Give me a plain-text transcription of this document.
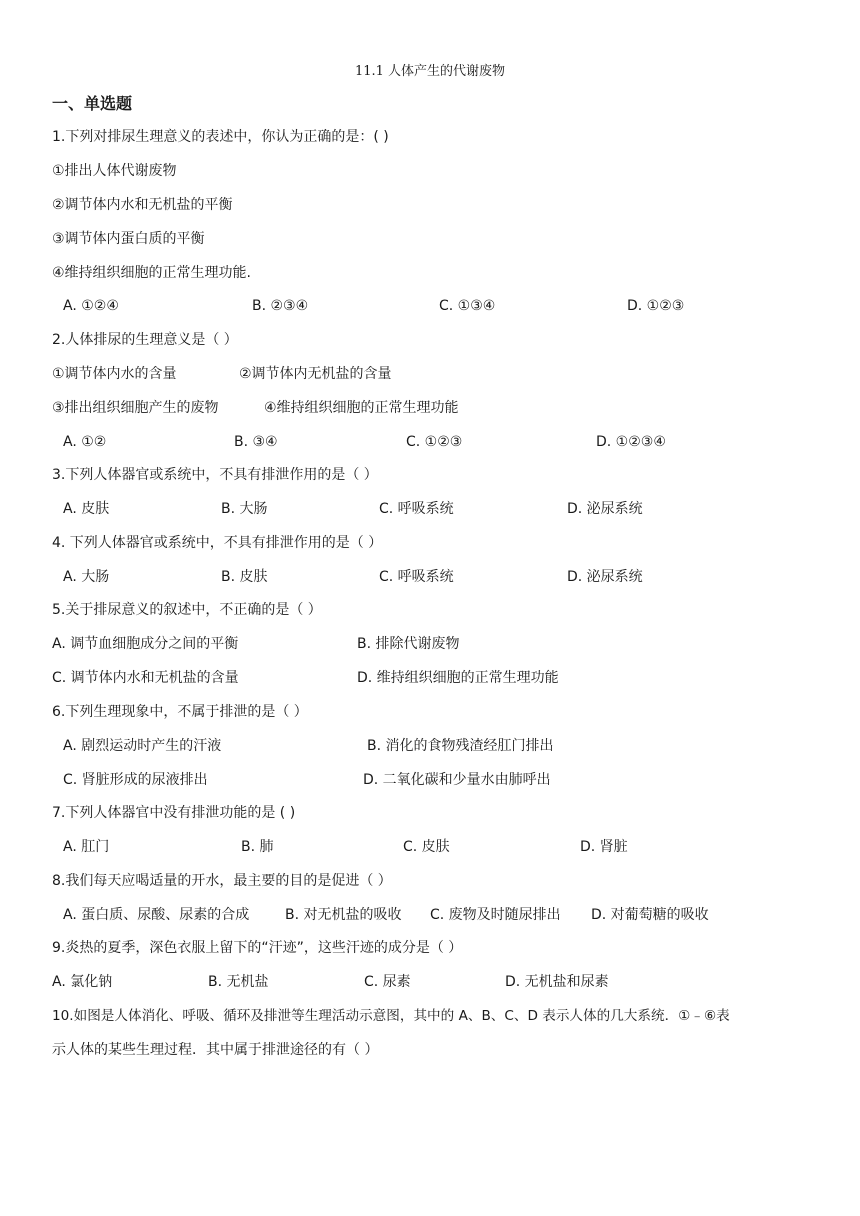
11.1 人体产生的代谢废物
一、单选题
1.下列对排尿生理意义的表述中，你认为正确的是：( )
①排出人体代谢废物
②调节体内水和无机盐的平衡
③调节体内蛋白质的平衡
④维持组织细胞的正常生理功能.
A. ①②④	B. ②③④	C. ①③④	D. ①②③
2.人体排尿的生理意义是（ ）
①调节体内水的含量	②调节体内无机盐的含量
③排出组织细胞产生的废物	④维持组织细胞的正常生理功能
A. ①②	B. ③④	C. ①②③	D. ①②③④
3.下列人体器官或系统中，不具有排泄作用的是（ ）
A. 皮肤	B. 大肠	C. 呼吸系统	D. 泌尿系统
4. 下列人体器官或系统中，不具有排泄作用的是（ ）
A. 大肠	B. 皮肤	C. 呼吸系统	D. 泌尿系统
5.关于排尿意义的叙述中，不正确的是（ ）
A. 调节血细胞成分之间的平衡	B. 排除代谢废物
C. 调节体内水和无机盐的含量	D. 维持组织细胞的正常生理功能
6.下列生理现象中，不属于排泄的是（ ）
A. 剧烈运动时产生的汗液	B. 消化的食物残渣经肛门排出
C. 肾脏形成的尿液排出	D. 二氧化碳和少量水由肺呼出
7.下列人体器官中没有排泄功能的是 ( )
A. 肛门	B. 肺	C. 皮肤	D. 肾脏
8.我们每天应喝适量的开水，最主要的目的是促进（ ）
A. 蛋白质、尿酸、尿素的合成	B. 对无机盐的吸收 C. 废物及时随尿排出 D. 对葡萄糖的吸收
9.炎热的夏季，深色衣服上留下的“汗迹”，这些汗迹的成分是（ ）
A. 氯化钠	B. 无机盐	C. 尿素	D. 无机盐和尿素
10.如图是人体消化、呼吸、循环及排泄等生理活动示意图，其中的 A、B、C、D 表示人体的几大系统．①﹣⑥表
示人体的某些生理过程．其中属于排泄途径的有（ ）
